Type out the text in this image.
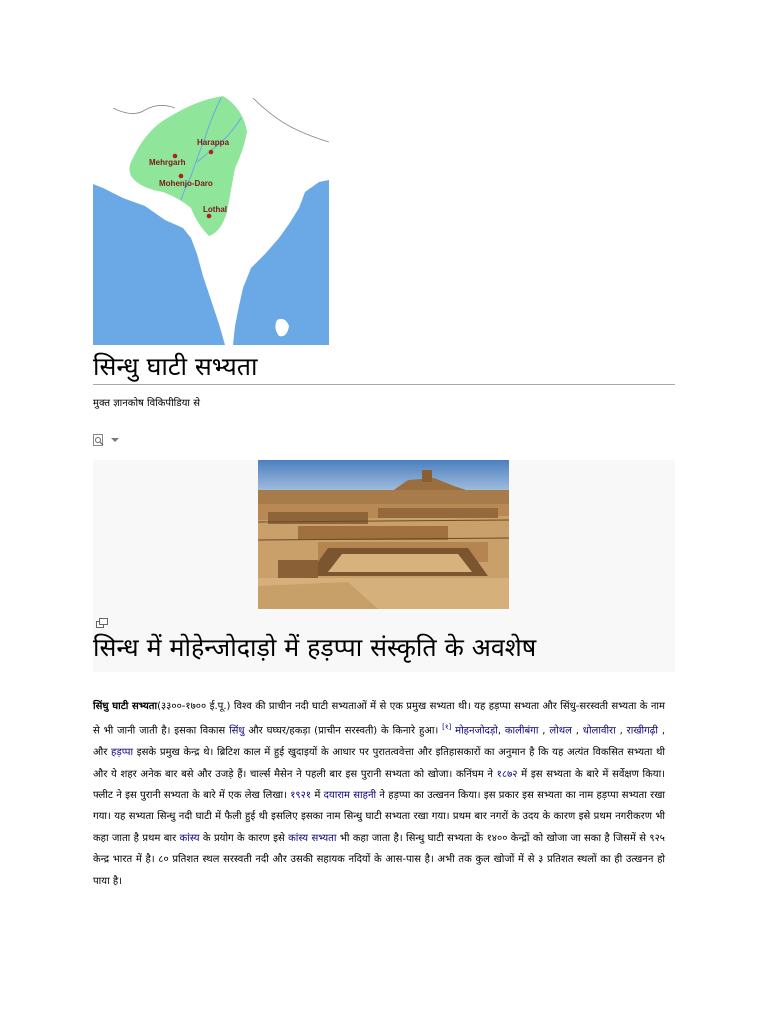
Harappa
Mehrgarh
Mohenjo-Daro
Lothal
सिन्धु घाटी सभ्यता
मुक्त ज्ञानकोष विकिपीडिया से
सिन्ध में मोहेन्जोदाड़ो में हड़प्पा संस्कृति के अवशेष

सिंधु घाटी सभ्यता(३३००-१७०० ई.पू.) विश्व की प्राचीन नदी घाटी सभ्यताओं में से एक प्रमुख सभ्यता थी। यह हड़प्पा सभ्यता और सिंधु-सरस्वती सभ्यता के नाम से भी जानी जाती है। इसका विकास सिंधु और घघ्घर/हकड़ा (प्राचीन सरस्वती) के किनारे हुआ। [१] मोहनजोदड़ो, कालीबंगा , लोथल , धोलावीरा , राखीगढ़ी , और हड़प्पा इसके प्रमुख केन्द्र थे। ब्रिटिश काल में हुई खुदाइयों के आधार पर पुरातत्ववेत्ता और इतिहासकारों का अनुमान है कि यह अत्यंत विकसित सभ्यता थी और ये शहर अनेक बार बसे और उजड़े हैं। चार्ल्स मैसेन ने पहली बार इस पुरानी सभ्यता को खोजा। कनिंघम ने १८७२ में इस सभ्यता के बारे में सर्वेक्षण किया। फ्लीट ने इस पुरानी सभ्यता के बारे में एक लेख लिखा। १९२१ में दयाराम साहनी ने हड़प्पा का उत्खनन किया। इस प्रकार इस सभ्यता का नाम हड़प्पा सभ्यता रखा गया। यह सभ्यता सिन्धु नदी घाटी में फैली हुई थी इसलिए इसका नाम सिन्धु घाटी सभ्यता रखा गया। प्रथम बार नगरों के उदय के कारण इसे प्रथम नगरीकरण भी कहा जाता है प्रथम बार कांस्य के प्रयोग के कारण इसे कांस्य सभ्यता भी कहा जाता है। सिन्धु घाटी सभ्यता के १४०० केन्द्रों को खोजा जा सका है जिसमें से ९२५ केन्द्र भारत में है। ८० प्रतिशत स्थल सरस्वती नदी और उसकी सहायक नदियों के आस-पास है। अभी तक कुल खोजों में से ३ प्रतिशत स्थलों का ही उत्खनन हो पाया है।
